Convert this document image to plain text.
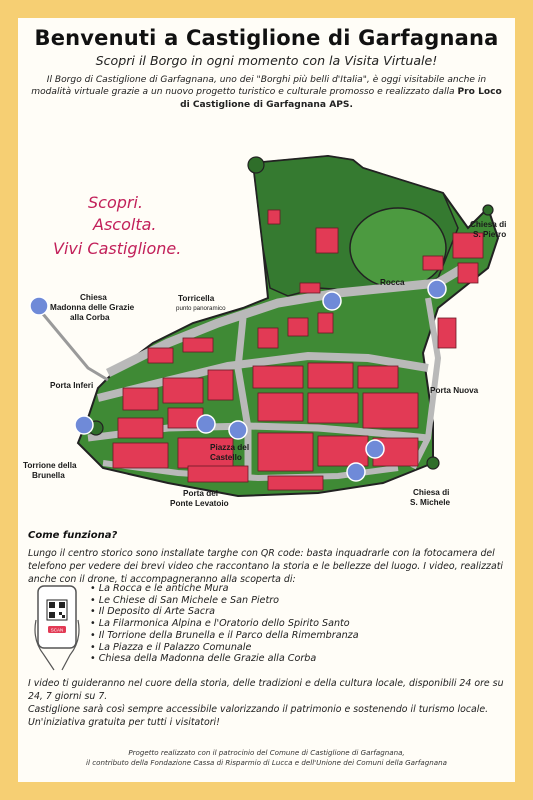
Benvenuti a Castiglione di Garfagnana
Scopri il Borgo in ogni momento con la Visita Virtuale!
Il Borgo di Castiglione di Garfagnana, uno dei "Borghi più belli d'Italia", è oggi visitabile anche in modalità virtuale grazie a un nuovo progetto turistico e culturale promosso e realizzato dalla Pro Loco di Castiglione di Garfagnana APS.
Scopri.
Ascolta.
Vivi Castiglione.
Chiesa di
S. Pietro
Rocca
Torricella
punto panoramico
Chiesa
Madonna delle Grazie
alla Corba
Porta Inferi
Porta Nuova
Torrione della
Brunella
Piazza del
Castello
Porta del
Ponte Levatoio
Chiesa di
S. Michele
Come funziona?
Lungo il centro storico sono installate targhe con QR code: basta inquadrarle con la fotocamera del telefono per vedere dei brevi video che raccontano la storia e le bellezze del luogo. I video, realizzati anche con il drone, ti accompagneranno alla scoperta di:
SCAN
• La Rocca e le antiche Mura
• Le Chiese di San Michele e San Pietro
• Il Deposito di Arte Sacra
• La Filarmonica Alpina e l'Oratorio dello Spirito Santo
• Il Torrione della Brunella e il Parco della Rimembranza
• La Piazza e il Palazzo Comunale
• Chiesa della Madonna delle Grazie alla Corba
I video ti guideranno nel cuore della storia, delle tradizioni e della cultura locale, disponibili 24 ore su 24, 7 giorni su 7.
Castiglione sarà così sempre accessibile valorizzando il patrimonio e sostenendo il turismo locale. Un'iniziativa gratuita per tutti i visitatori!
Progetto realizzato con il patrocinio del Comune di Castiglione di Garfagnana,
il contributo della Fondazione Cassa di Risparmio di Lucca e dell'Unione dei Comuni della Garfagnana
